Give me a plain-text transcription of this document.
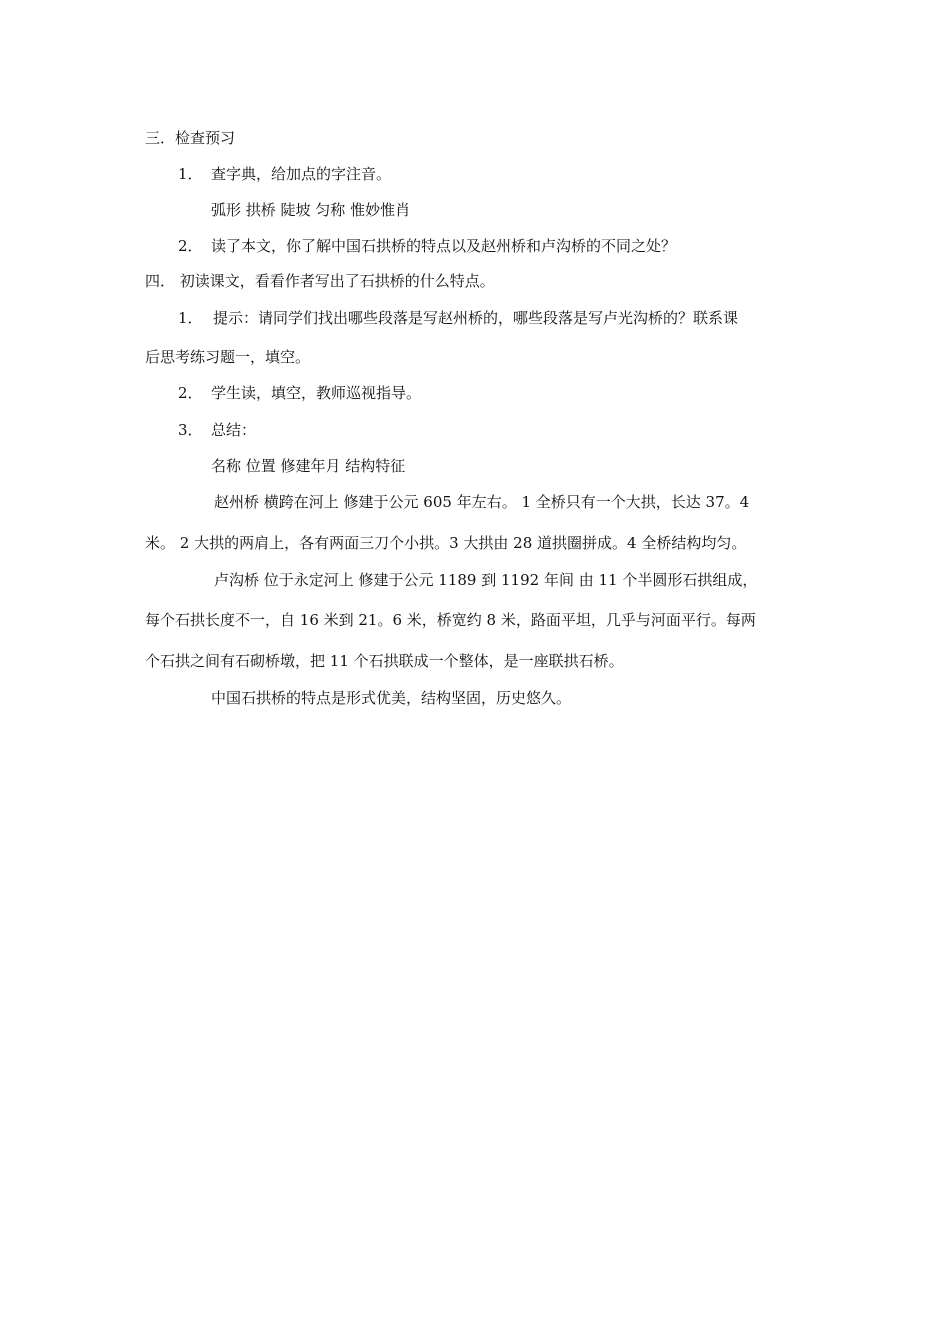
三．检查预习
1． 查字典，给加点的字注音。
弧形 拱桥 陡坡 匀称 惟妙惟肖
2． 读了本文，你了解中国石拱桥的特点以及赵州桥和卢沟桥的不同之处？
四． 初读课文，看看作者写出了石拱桥的什么特点。
1． 提示：请同学们找出哪些段落是写赵州桥的，哪些段落是写卢光沟桥的？联系课
后思考练习题一，填空。
2． 学生读，填空，教师巡视指导。
3． 总结：
名称 位置 修建年月 结构特征
赵州桥 横跨在河上 修建于公元 605 年左右。 1 全桥只有一个大拱，长达 37。4
米。 2 大拱的两肩上，各有两面三刀个小拱。3 大拱由 28 道拱圈拼成。4 全桥结构均匀。
卢沟桥 位于永定河上 修建于公元 1189 到 1192 年间 由 11 个半圆形石拱组成，
每个石拱长度不一，自 16 米到 21。6 米，桥宽约 8 米，路面平坦，几乎与河面平行。每两
个石拱之间有石砌桥墩，把 11 个石拱联成一个整体，是一座联拱石桥。
中国石拱桥的特点是形式优美，结构坚固，历史悠久。
